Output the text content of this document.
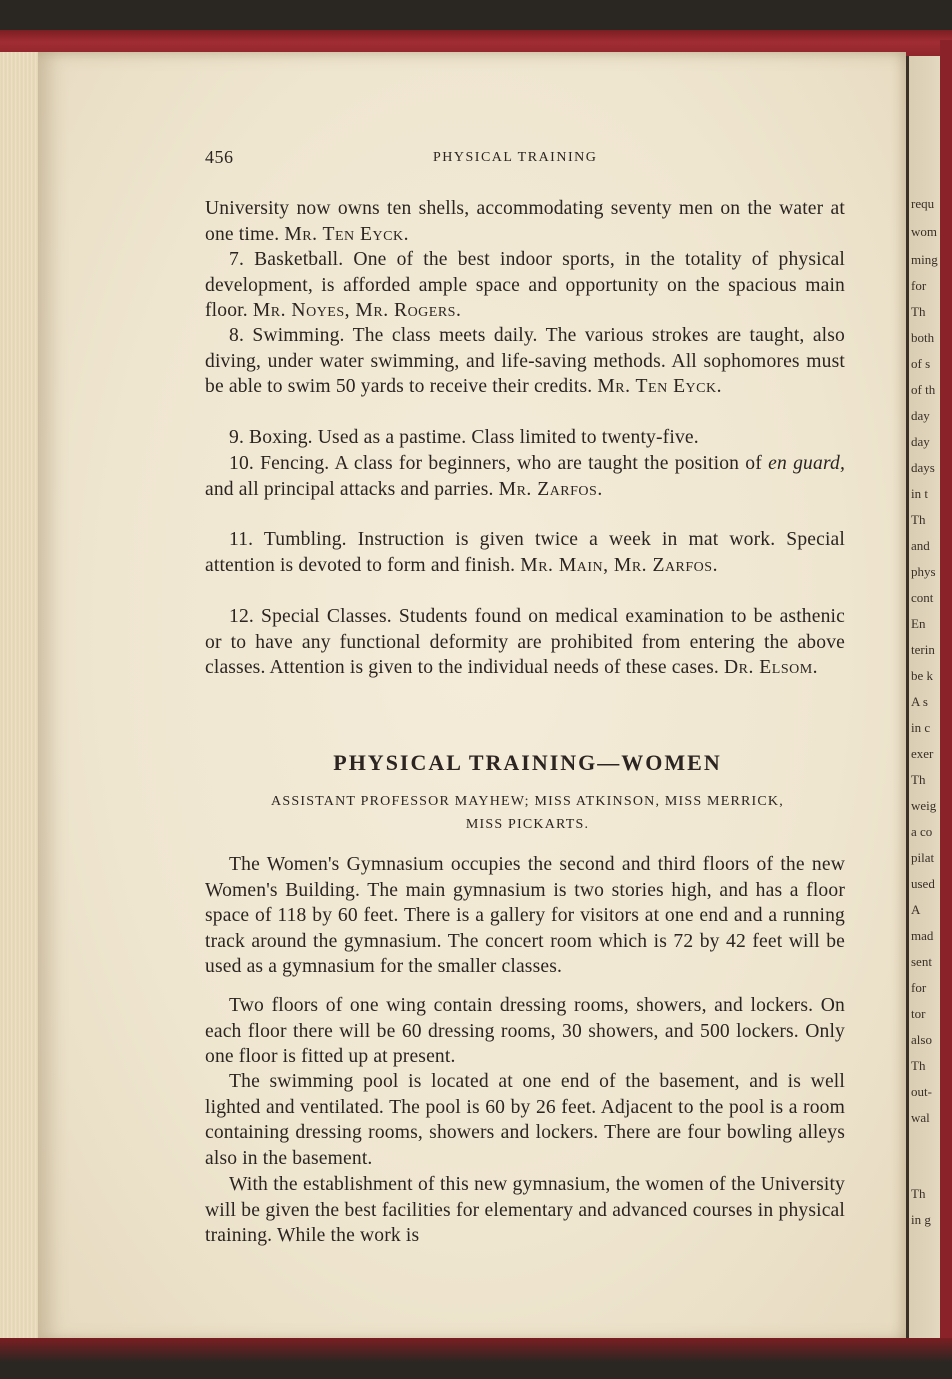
requ
wom
ming
for
Th
both
of s
of th
day
day
days
in t
Th
and
phys
cont
En
terin
be k
A s
in c
exer
Th
weig
a co
pilat
used
A
mad
sent
for
tor
also
Th
out-
wal
Th
in g
456	PHYSICAL TRAINING

University now owns ten shells, accommodating seventy men on the water at one time. Mr. Ten Eyck.

7. Basketball. One of the best indoor sports, in the totality of physical development, is afforded ample space and opportunity on the spacious main floor. Mr. Noyes, Mr. Rogers.

8. Swimming. The class meets daily. The various strokes are taught, also diving, under water swimming, and life-saving methods. All sophomores must be able to swim 50 yards to receive their credits. Mr. Ten Eyck.

9. Boxing. Used as a pastime. Class limited to twenty-five.

10. Fencing. A class for beginners, who are taught the position of en guard, and all principal attacks and parries. Mr. Zarfos.

11. Tumbling. Instruction is given twice a week in mat work. Special attention is devoted to form and finish. Mr. Main, Mr. Zarfos.

12. Special Classes. Students found on medical examination to be asthenic or to have any functional deformity are prohibited from entering the above classes. Attention is given to the individual needs of these cases. Dr. Elsom.

PHYSICAL TRAINING—WOMEN
ASSISTANT PROFESSOR MAYHEW; MISS ATKINSON, MISS MERRICK,
MISS PICKARTS.

The Women's Gymnasium occupies the second and third floors of the new Women's Building. The main gymnasium is two stories high, and has a floor space of 118 by 60 feet. There is a gallery for visitors at one end and a running track around the gymnasium. The concert room which is 72 by 42 feet will be used as a gymnasium for the smaller classes.

Two floors of one wing contain dressing rooms, showers, and lockers. On each floor there will be 60 dressing rooms, 30 showers, and 500 lockers. Only one floor is fitted up at present.

The swimming pool is located at one end of the basement, and is well lighted and ventilated. The pool is 60 by 26 feet. Adjacent to the pool is a room containing dressing rooms, showers and lockers. There are four bowling alleys also in the basement.

With the establishment of this new gymnasium, the women of the University will be given the best facilities for elementary and advanced courses in physical training. While the work is
